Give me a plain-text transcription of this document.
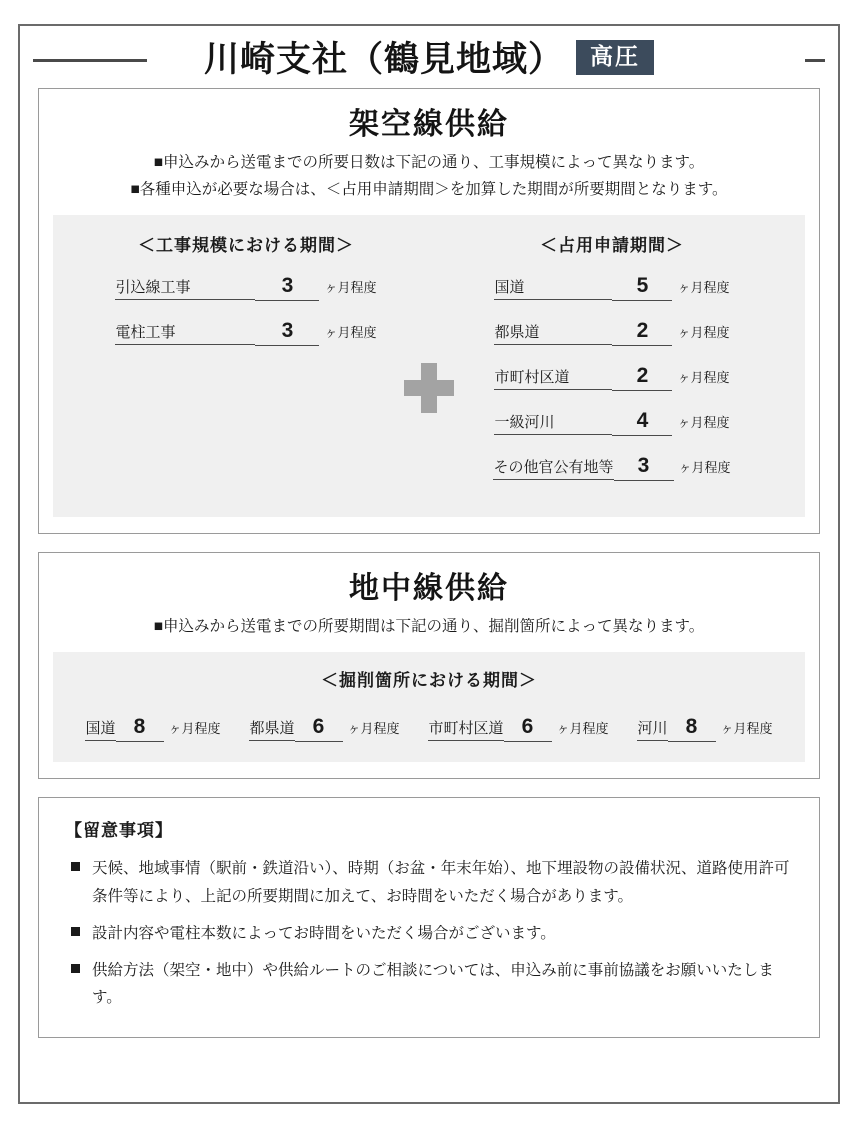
川崎支社（鶴見地域）	高圧
架空線供給
■申込みから送電までの所要日数は下記の通り、工事規模によって異なります。
■各種申込が必要な場合は、＜占用申請期間＞を加算した期間が所要期間となります。
＜工事規模における期間＞
引込線工事	3	ヶ月程度
電柱工事	3	ヶ月程度
＜占用申請期間＞
国道	5	ヶ月程度
都県道	2	ヶ月程度
市町村区道	2	ヶ月程度
一級河川	4	ヶ月程度
その他官公有地等	3	ヶ月程度
地中線供給
■申込みから送電までの所要期間は下記の通り、掘削箇所によって異なります。
＜掘削箇所における期間＞
国道 8	ヶ月程度 都県道 6	ヶ月程度 市町村区道 6	ヶ月程度 河川 8	ヶ月程度
【留意事項】
天候、地域事情（駅前・鉄道沿い）、時期（お盆・年末年始）、地下埋設物の設備状況、道路使用許可条件等により、上記の所要期間に加えて、お時間をいただく場合があります。
設計内容や電柱本数によってお時間をいただく場合がございます。
供給方法（架空・地中）や供給ルートのご相談については、申込み前に事前協議をお願いいたします。
